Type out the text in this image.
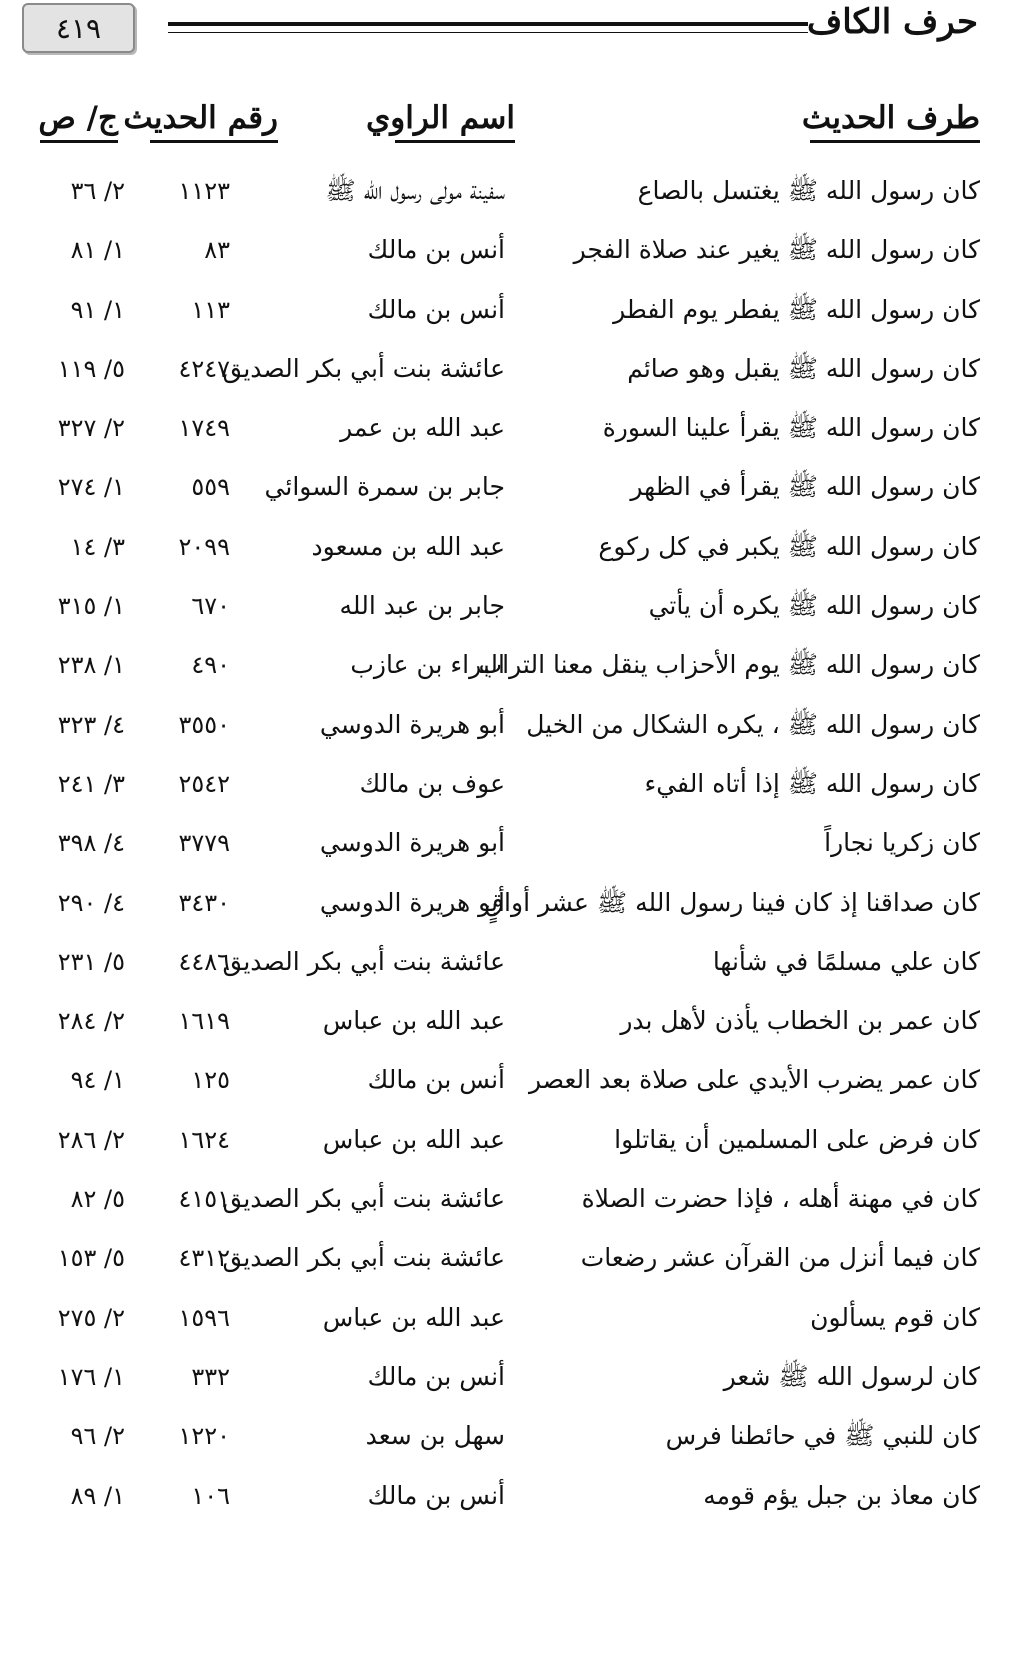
٤١٩	حرف الكاف
طرف الحديث
اسم الراوي
رقم الحديث
ج/ ص
كان رسول الله ﷺ يغتسل بالصاع
سفينة مولى رسول الله ﷺ
١١٢٣
٢/ ٣٦
كان رسول الله ﷺ يغير عند صلاة الفجر
أنس بن مالك
٨٣
١/ ٨١
كان رسول الله ﷺ يفطر يوم الفطر
أنس بن مالك
١١٣
١/ ٩١
كان رسول الله ﷺ يقبل وهو صائم
عائشة بنت أبي بكر الصديق
٤٢٤٧
٥/ ١١٩
كان رسول الله ﷺ يقرأ علينا السورة
عبد الله بن عمر
١٧٤٩
٢/ ٣٢٧
كان رسول الله ﷺ يقرأ في الظهر
جابر بن سمرة السوائي
٥٥٩
١/ ٢٧٤
كان رسول الله ﷺ يكبر في كل ركوع
عبد الله بن مسعود
٢٠٩٩
٣/ ١٤
كان رسول الله ﷺ يكره أن يأتي
جابر بن عبد الله
٦٧٠
١/ ٣١٥
كان رسول الله ﷺ يوم الأحزاب ينقل معنا التراب
البراء بن عازب
٤٩٠
١/ ٢٣٨
كان رسول الله ﷺ ، يكره الشكال من الخيل
أبو هريرة الدوسي
٣٥٥٠
٤/ ٣٢٣
كان رسول الله ﷺ إذا أتاه الفيء
عوف بن مالك
٢٥٤٢
٣/ ٢٤١
كان زكريا نجاراً
أبو هريرة الدوسي
٣٧٧٩
٤/ ٣٩٨
كان صداقنا إذ كان فينا رسول الله ﷺ عشر أواقٍ
أبو هريرة الدوسي
٣٤٣٠
٤/ ٢٩٠
كان علي مسلمًا في شأنها
عائشة بنت أبي بكر الصديق
٤٤٨٦
٥/ ٢٣١
كان عمر بن الخطاب يأذن لأهل بدر
عبد الله بن عباس
١٦١٩
٢/ ٢٨٤
كان عمر يضرب الأيدي على صلاة بعد العصر
أنس بن مالك
١٢٥
١/ ٩٤
كان فرض على المسلمين أن يقاتلوا
عبد الله بن عباس
١٦٢٤
٢/ ٢٨٦
كان في مهنة أهله ، فإذا حضرت الصلاة
عائشة بنت أبي بكر الصديق
٤١٥١
٥/ ٨٢
كان فيما أنزل من القرآن عشر رضعات
عائشة بنت أبي بكر الصديق
٤٣١٢
٥/ ١٥٣
كان قوم يسألون
عبد الله بن عباس
١٥٩٦
٢/ ٢٧٥
كان لرسول الله ﷺ شعر
أنس بن مالك
٣٣٢
١/ ١٧٦
كان للنبي ﷺ في حائطنا فرس
سهل بن سعد
١٢٢٠
٢/ ٩٦
كان معاذ بن جبل يؤم قومه
أنس بن مالك
١٠٦
١/ ٨٩
